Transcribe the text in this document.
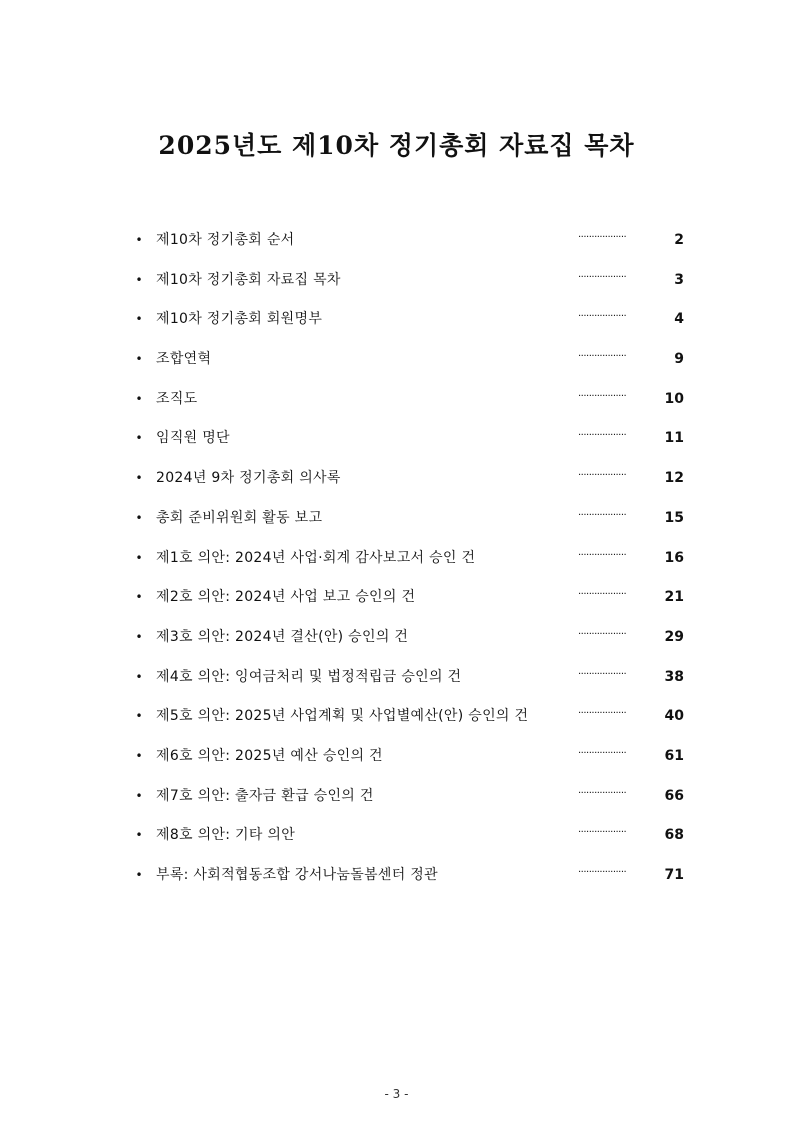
2025년도 제10차 정기총회 자료집 목차
• 제10차 정기총회 순서	··················	2
• 제10차 정기총회 자료집 목차	··················	3
• 제10차 정기총회 회원명부	··················	4
• 조합연혁	··················	9
• 조직도	··················	10
• 임직원 명단	··················	11
• 2024년 9차 정기총회 의사록	··················	12
• 총회 준비위원회 활동 보고	··················	15
• 제1호 의안: 2024년 사업·회계 감사보고서 승인 건	··················	16
• 제2호 의안: 2024년 사업 보고 승인의 건	··················	21
• 제3호 의안: 2024년 결산(안) 승인의 건	··················	29
• 제4호 의안: 잉여금처리 및 법정적립금 승인의 건	··················	38
• 제5호 의안: 2025년 사업계획 및 사업별예산(안) 승인의 건	··················	40
• 제6호 의안: 2025년 예산 승인의 건	··················	61
• 제7호 의안: 출자금 환급 승인의 건	··················	66
• 제8호 의안: 기타 의안	··················	68
• 부록: 사회적협동조합 강서나눔돌봄센터 정관	··················	71
- 3 -
